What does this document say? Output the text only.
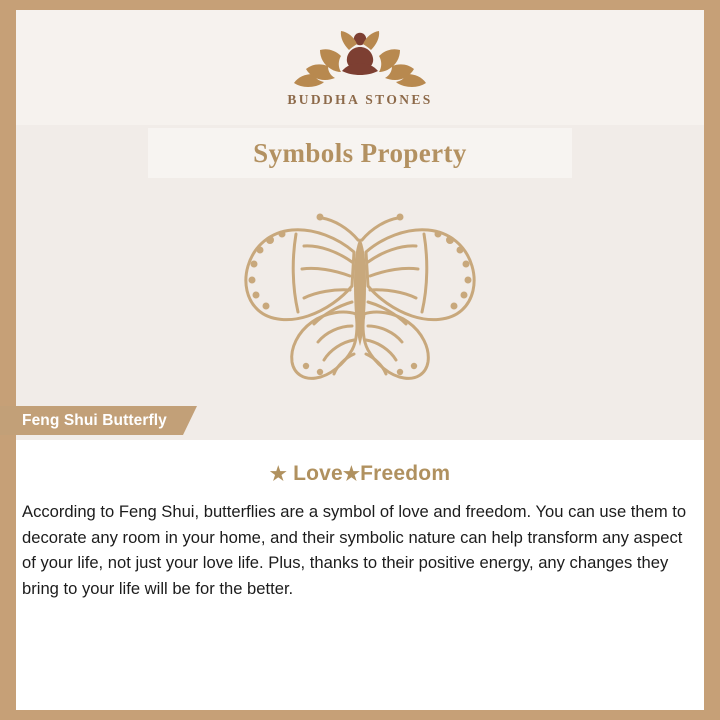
BUDDHA STONES
Symbols Property
Feng Shui Butterfly
★ Love★Freedom

According to Feng Shui, butterflies are a symbol of love and freedom. You can use them to decorate any room in your home, and their symbolic nature can help transform any aspect of your life, not just your love life. Plus, thanks to their positive energy, any changes they bring to your life will be for the better.
